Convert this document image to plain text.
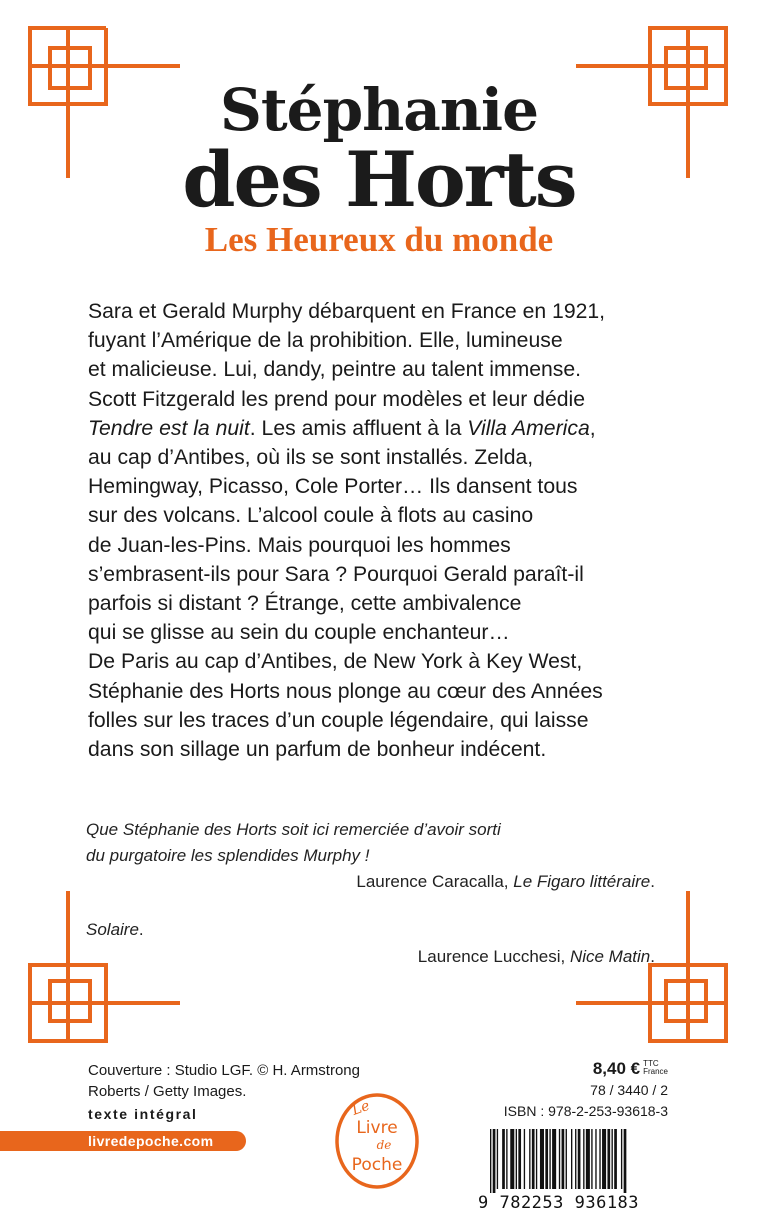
Stéphanie
des Horts
Les Heureux du monde
Sara et Gerald Murphy débarquent en France en 1921,
fuyant l’Amérique de la prohibition. Elle, lumineuse
et malicieuse. Lui, dandy, peintre au talent immense.
Scott Fitzgerald les prend pour modèles et leur dédie
Tendre est la nuit. Les amis affluent à la Villa America,
au cap d’Antibes, où ils se sont installés. Zelda,
Hemingway, Picasso, Cole Porter… Ils dansent tous
sur des volcans. L’alcool coule à flots au casino
de Juan-les-Pins. Mais pourquoi les hommes
s’embrasent-ils pour Sara ? Pourquoi Gerald paraît-il
parfois si distant ? Étrange, cette ambivalence
qui se glisse au sein du couple enchanteur…
De Paris au cap d’Antibes, de New York à Key West,
Stéphanie des Horts nous plonge au cœur des Années
folles sur les traces d’un couple légendaire, qui laisse
dans son sillage un parfum de bonheur indécent.
Que Stéphanie des Horts soit ici remerciée d’avoir sorti
du purgatoire les splendides Murphy !
Laurence Caracalla, Le Figaro littéraire.
Solaire.
Laurence Lucchesi, Nice Matin.
Couverture : Studio LGF. © H. Armstrong
Roberts / Getty Images.
texte intégral
livredepoche.com
Le
Livre
de
Poche
8,40 € TTC
France
78 / 3440 / 2
ISBN : 978-2-253-93618-3
9 782253 936183
